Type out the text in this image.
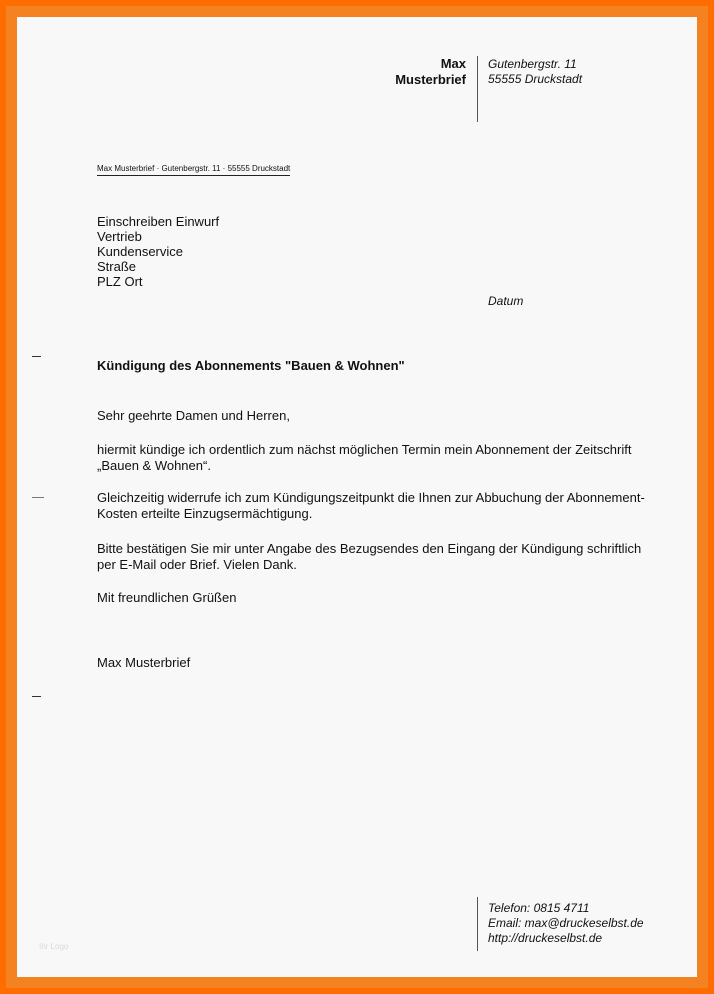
Max
Musterbrief
Gutenbergstr. 11
55555 Druckstadt
Max Musterbrief · Gutenbergstr. 11 · 55555 Druckstadt
Einschreiben Einwurf
Vertrieb
Kundenservice
Straße
PLZ Ort
Datum
Kündigung des Abonnements "Bauen & Wohnen"
Sehr geehrte Damen und Herren,
hiermit kündige ich ordentlich zum nächst möglichen Termin mein Abonnement der Zeitschrift „Bauen & Wohnen“.
Gleichzeitig widerrufe ich zum Kündigungszeitpunkt die Ihnen zur Abbuchung der Abonnement-Kosten erteilte Einzugsermächtigung.
Bitte bestätigen Sie mir unter Angabe des Bezugsendes den Eingang der Kündigung schriftlich per E-Mail oder Brief. Vielen Dank.
Mit freundlichen Grüßen
Max Musterbrief
Telefon: 0815 4711
Email: max@druckeselbst.de
http://druckeselbst.de
Ihr Logo
